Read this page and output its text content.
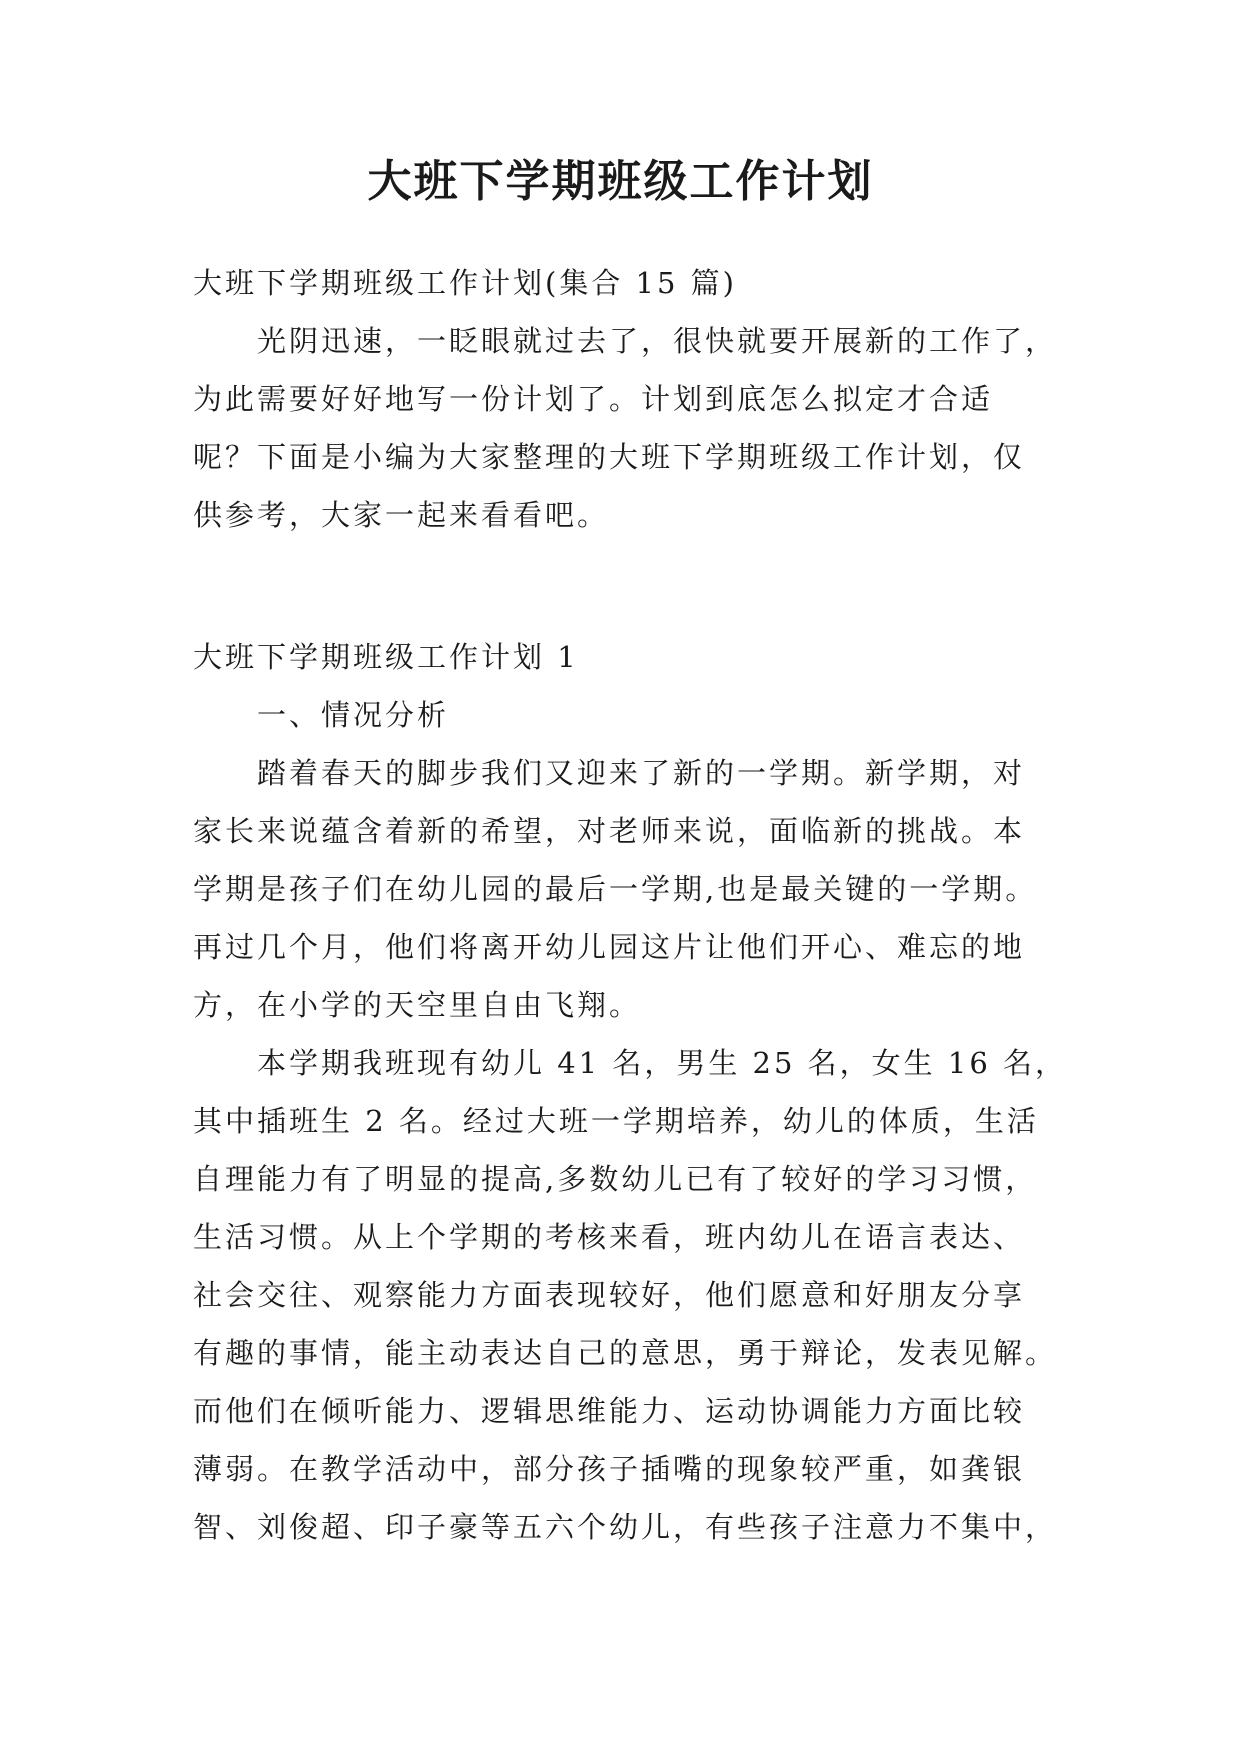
大班下学期班级工作计划
大班下学期班级工作计划(集合 15 篇)
光阴迅速，一眨眼就过去了，很快就要开展新的工作了，
为此需要好好地写一份计划了。计划到底怎么拟定才合适
呢？下面是小编为大家整理的大班下学期班级工作计划，仅
供参考，大家一起来看看吧。
大班下学期班级工作计划 1
一、情况分析
踏着春天的脚步我们又迎来了新的一学期。新学期，对
家长来说蕴含着新的希望，对老师来说，面临新的挑战。本
学期是孩子们在幼儿园的最后一学期,也是最关键的一学期。
再过几个月，他们将离开幼儿园这片让他们开心、难忘的地
方，在小学的天空里自由飞翔。
本学期我班现有幼儿 41 名，男生 25 名，女生 16 名，
其中插班生 2 名。经过大班一学期培养，幼儿的体质，生活
自理能力有了明显的提高,多数幼儿已有了较好的学习习惯，
生活习惯。从上个学期的考核来看，班内幼儿在语言表达、
社会交往、观察能力方面表现较好，他们愿意和好朋友分享
有趣的事情，能主动表达自己的意思，勇于辩论，发表见解。
而他们在倾听能力、逻辑思维能力、运动协调能力方面比较
薄弱。在教学活动中，部分孩子插嘴的现象较严重，如龚银
智、刘俊超、印子豪等五六个幼儿，有些孩子注意力不集中，
